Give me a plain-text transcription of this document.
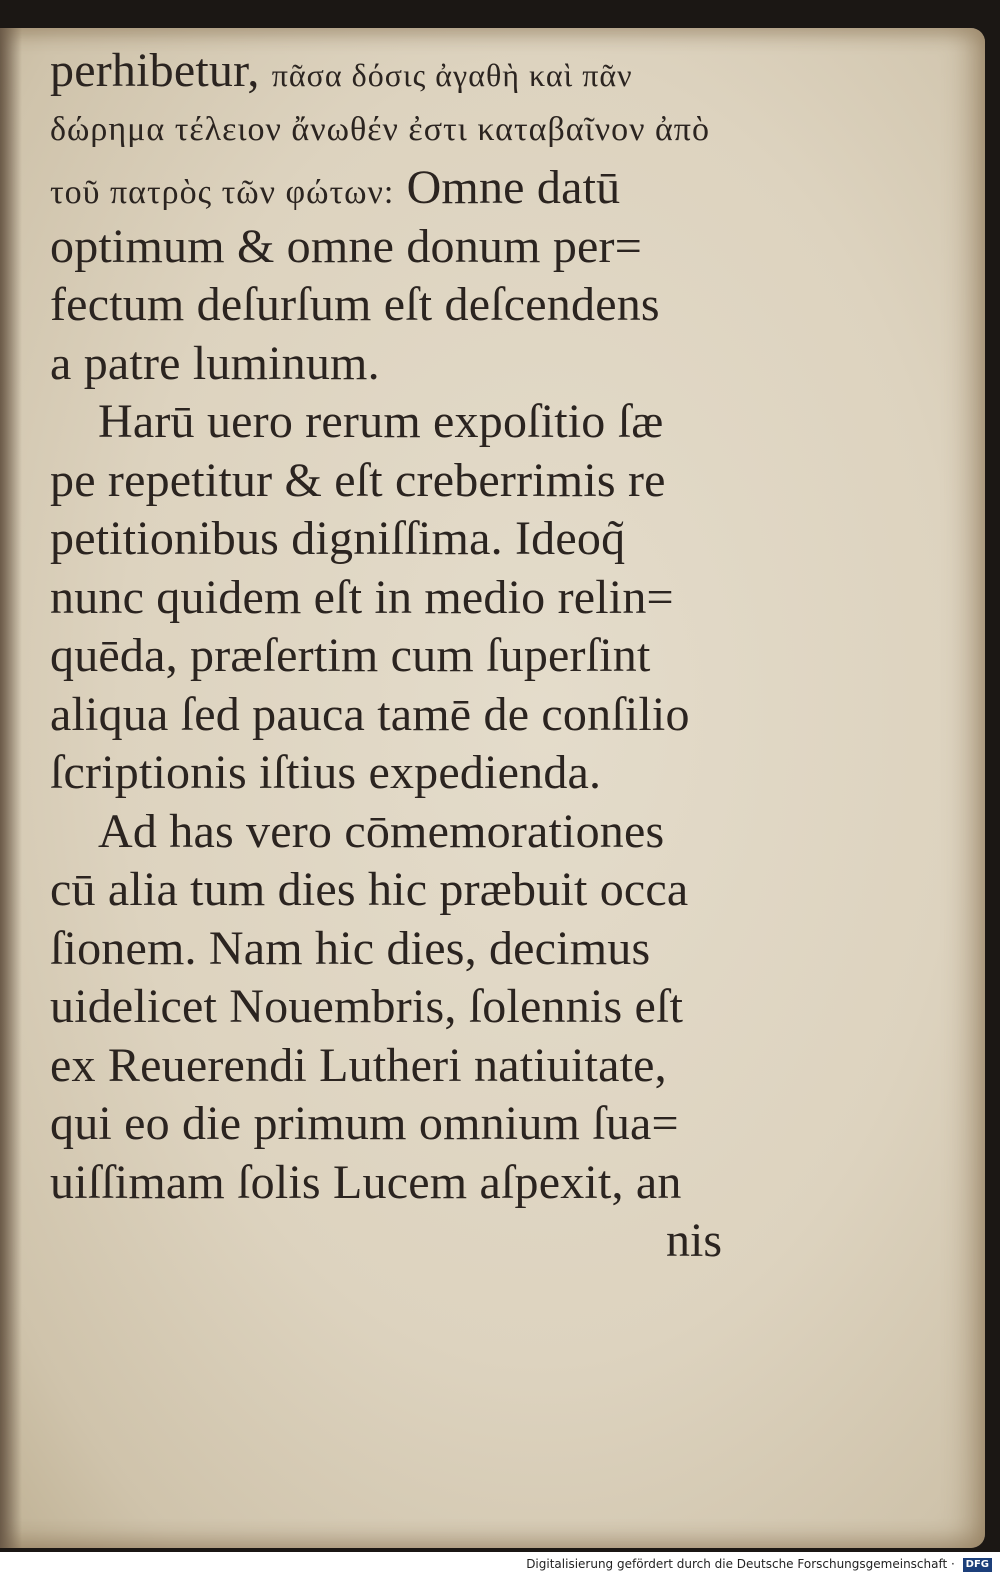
perhibetur, πᾶσα δόσις ἀγαθὴ καὶ πᾶν
δώρημα τέλειον ἄνωθέν ἐστι καταβαῖνον ἀπὸ
τοῦ πατρὸς τῶν φώτων: Omne datū
optimum & omne donum per=
fectum deſurſum eſt deſcendens
a patre luminum.
Harū uero rerum expoſitio ſæ
pe repetitur & eſt creberrimis re
petitionibus digniſſima. Ideoq̃
nunc quidem eſt in medio relin=
quēda, præſertim cum ſuperſint
aliqua ſed pauca tamē de conſilio
ſcriptionis iſtius expedienda.
Ad has vero cōmemorationes
cū alia tum dies hic præbuit occa
ſionem. Nam hic dies, decimus
uidelicet Nouembris, ſolennis eſt
ex Reuerendi Lutheri natiuitate,
qui eo die primum omnium ſua=
uiſſimam ſolis Lucem aſpexit, an
nis
Digitalisierung gefördert durch die Deutsche Forschungsgemeinschaft · DFG
